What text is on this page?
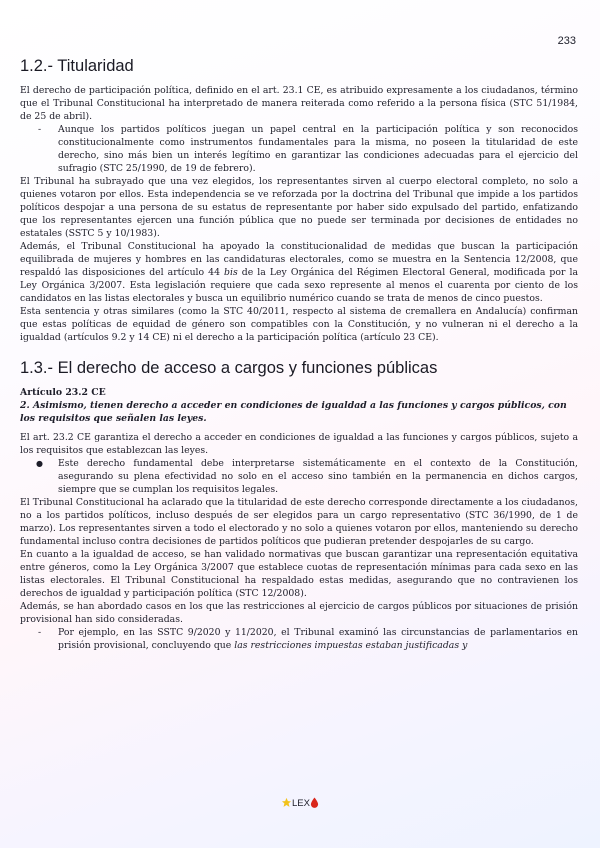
233
1.2.- Titularidad

El derecho de participación política, definido en el art. 23.1 CE, es atribuido expresamente a los ciudadanos, término que el Tribunal Constitucional ha interpretado de manera reiterada como referido a la persona física (STC 51/1984, de 25 de abril).

- Aunque los partidos políticos juegan un papel central en la participación política y son reconocidos constitucionalmente como instrumentos fundamentales para la misma, no poseen la titularidad de este derecho, sino más bien un interés legítimo en garantizar las condiciones adecuadas para el ejercicio del sufragio (STC 25/1990, de 19 de febrero).

El Tribunal ha subrayado que una vez elegidos, los representantes sirven al cuerpo electoral completo, no solo a quienes votaron por ellos. Esta independencia se ve reforzada por la doctrina del Tribunal que impide a los partidos políticos despojar a una persona de su estatus de representante por haber sido expulsado del partido, enfatizando que los representantes ejercen una función pública que no puede ser terminada por decisiones de entidades no estatales (SSTC 5 y 10/1983).

Además, el Tribunal Constitucional ha apoyado la constitucionalidad de medidas que buscan la participación equilibrada de mujeres y hombres en las candidaturas electorales, como se muestra en la Sentencia 12/2008, que respaldó las disposiciones del artículo 44 bis de la Ley Orgánica del Régimen Electoral General, modificada por la Ley Orgánica 3/2007. Esta legislación requiere que cada sexo represente al menos el cuarenta por ciento de los candidatos en las listas electorales y busca un equilibrio numérico cuando se trata de menos de cinco puestos.

Esta sentencia y otras similares (como la STC 40/2011, respecto al sistema de cremallera en Andalucía) confirman que estas políticas de equidad de género son compatibles con la Constitución, y no vulneran ni el derecho a la igualdad (artículos 9.2 y 14 CE) ni el derecho a la participación política (artículo 23 CE).

1.3.- El derecho de acceso a cargos y funciones públicas
Artículo 23.2 CE
2. Asimismo, tienen derecho a acceder en condiciones de igualdad a las funciones y cargos públicos, con los requisitos que señalen las leyes.

El art. 23.2 CE garantiza el derecho a acceder en condiciones de igualdad a las funciones y cargos públicos, sujeto a los requisitos que establezcan las leyes.

● Este derecho fundamental debe interpretarse sistemáticamente en el contexto de la Constitución, asegurando su plena efectividad no solo en el acceso sino también en la permanencia en dichos cargos, siempre que se cumplan los requisitos legales.

El Tribunal Constitucional ha aclarado que la titularidad de este derecho corresponde directamente a los ciudadanos, no a los partidos políticos, incluso después de ser elegidos para un cargo representativo (STC 36/1990, de 1 de marzo). Los representantes sirven a todo el electorado y no solo a quienes votaron por ellos, manteniendo su derecho fundamental incluso contra decisiones de partidos políticos que pudieran pretender despojarles de su cargo.

En cuanto a la igualdad de acceso, se han validado normativas que buscan garantizar una representación equitativa entre géneros, como la Ley Orgánica 3/2007 que establece cuotas de representación mínimas para cada sexo en las listas electorales. El Tribunal Constitucional ha respaldado estas medidas, asegurando que no contravienen los derechos de igualdad y participación política (STC 12/2008).

Además, se han abordado casos en los que las restricciones al ejercicio de cargos públicos por situaciones de prisión provisional han sido consideradas.

- Por ejemplo, en las SSTC 9/2020 y 11/2020, el Tribunal examinó las circunstancias de parlamentarios en prisión provisional, concluyendo que las restricciones impuestas estaban justificadas y
LEX
